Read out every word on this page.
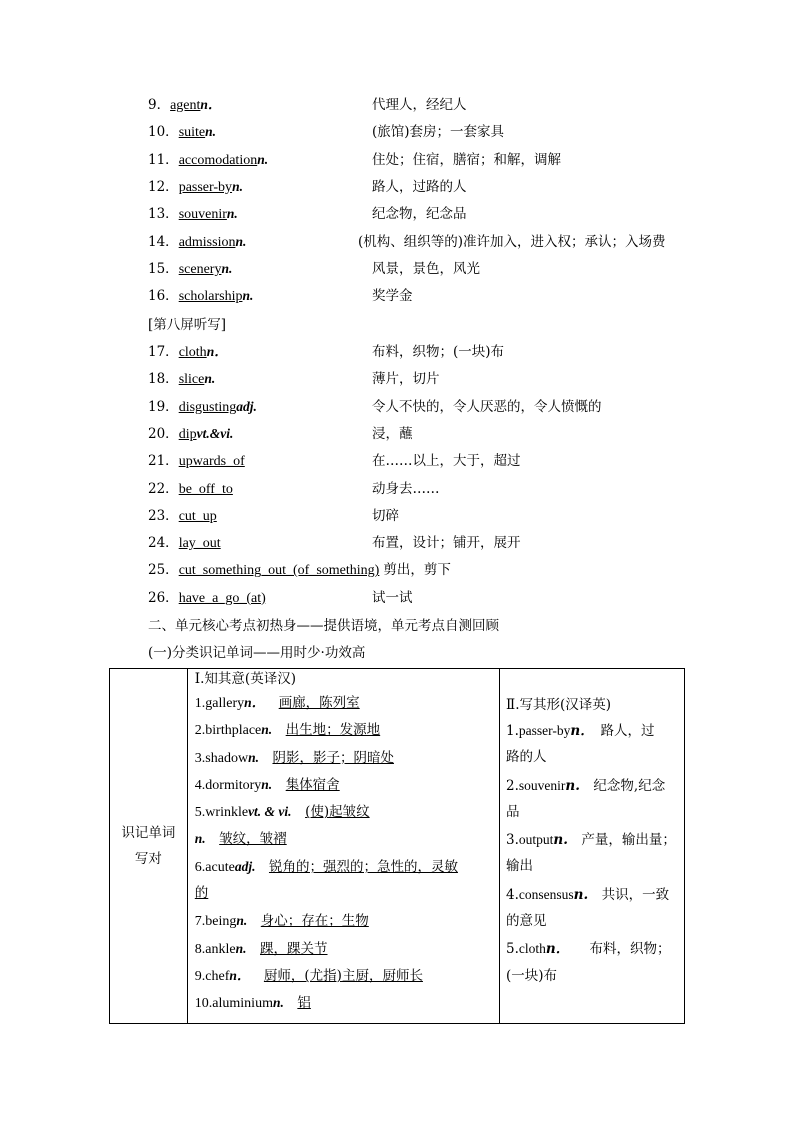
9．agentn．	代理人，经纪人
10．suiten.	(旅馆)套房；一套家具
11．accomodationn.	住处；住宿，膳宿；和解，调解
12．passer-byn.	路人，过路的人
13．souvenirn.	纪念物，纪念品
14．admissionn.	(机构、组织等的)准许加入，进入权；承认；入场费
15．sceneryn.	风景，景色，风光
16．scholarshipn.	奖学金
[第八屏听写]
17．clothn．	布料，织物；(一块)布
18．slicen.	薄片，切片
19．disgustingadj.	令人不快的，令人厌恶的，令人愤慨的
20．dipvt.&vi.	浸，蘸
21．upwards_of	在……以上，大于，超过
22．be_off_to	动身去……
23．cut_up	切碎
24．lay_out	布置，设计；铺开，展开
25．cut_something_out_(of_something) 剪出，剪下
26．have_a_go_(at)	试一试
二、单元核心考点初热身——提供语境，单元考点自测回顾
(一)分类识记单词——用时少·功效高
识记单词
写对

Ⅰ.知其意(英译汉)
1.galleryn．  画廊，陈列室
2.birthplacen.  出生地；发源地
3.shadown.  阴影，影子；阴暗处
4.dormitoryn.  集体宿舍
5.wrinklevt. & vi.  (使)起皱纹
n.  皱纹，皱褶
6.acuteadj.  锐角的；强烈的；急性的，灵敏
的
7.beingn.  身心；存在；生物
8.anklen.  踝，踝关节
9.chefn．  厨师，(尤指)主厨，厨师长
10.aluminiumn.  铝

Ⅱ.写其形(汉译英)
1.passer-byn．　路人，过
路的人
2.souvenirn.　纪念物,纪念
品
3.outputn.　产量，输出量；
输出
4.consensusn.　共识，一致
的意见
5.clothn．　　布料，织物；
(一块)布
